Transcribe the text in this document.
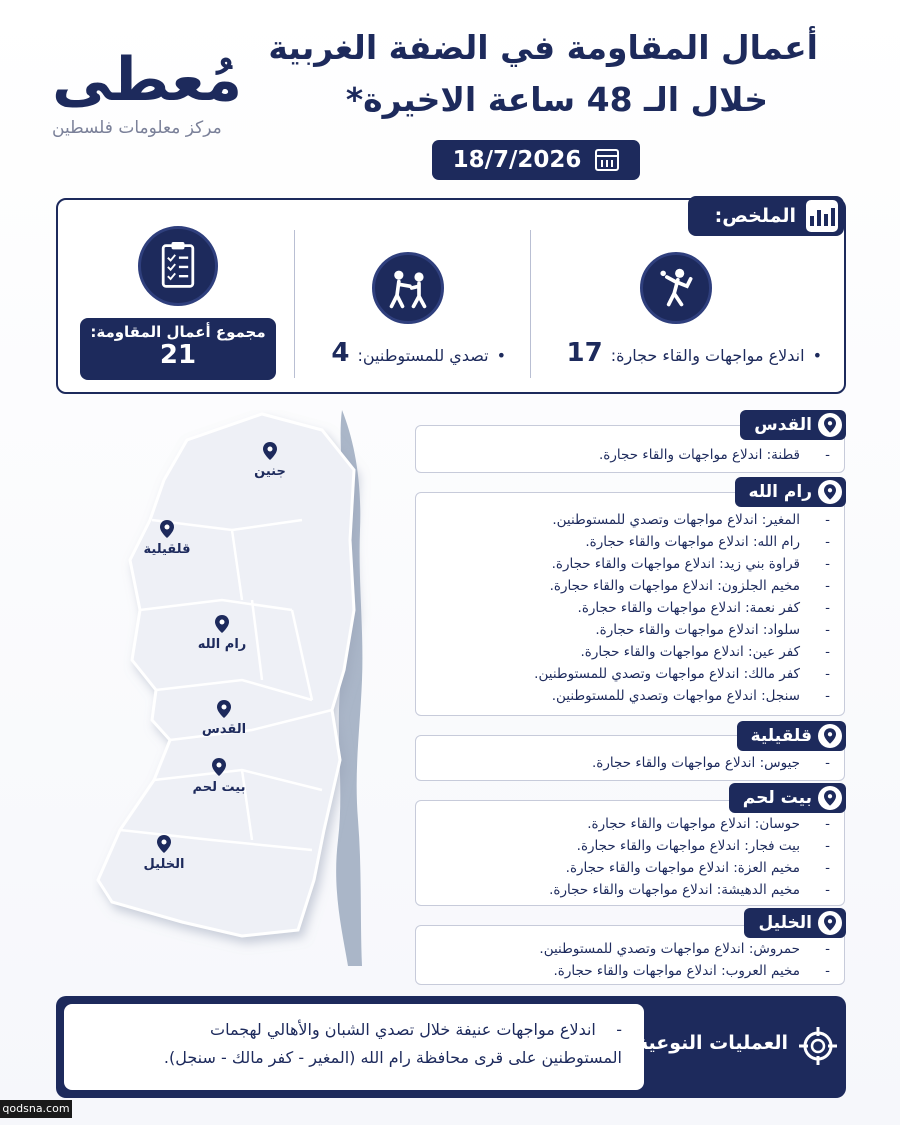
أعمال المقاومة في الضفة الغربية
خلال الـ 48 ساعة الاخيرة*
مُعطى
مركز معلومات فلسطين
18/7/2026
الملخص:
•
اندلاع مواجهات والقاء حجارة:
17
•
تصدي للمستوطنين:
4
مجموع أعمال المقاومة:
21
جنين
قلقيلية
رام الله
القدس
بيت لحم
الخليل
-
قطنة: اندلاع مواجهات والقاء حجارة.
القدس
-
المغير: اندلاع مواجهات وتصدي للمستوطنين.
-
رام الله: اندلاع مواجهات والقاء حجارة.
-
قراوة بني زيد: اندلاع مواجهات والقاء حجارة.
-
مخيم الجلزون: اندلاع مواجهات والقاء حجارة.
-
كفر نعمة: اندلاع مواجهات والقاء حجارة.
-
سلواد: اندلاع مواجهات والقاء حجارة.
-
كفر عين: اندلاع مواجهات والقاء حجارة.
-
كفر مالك: اندلاع مواجهات وتصدي للمستوطنين.
-
سنجل: اندلاع مواجهات وتصدي للمستوطنين.
رام الله
-
جيوس: اندلاع مواجهات والقاء حجارة.
قلقيلية
-
حوسان: اندلاع مواجهات والقاء حجارة.
-
بيت فجار: اندلاع مواجهات والقاء حجارة.
-
مخيم العزة: اندلاع مواجهات والقاء حجارة.
-
مخيم الدهيشة: اندلاع مواجهات والقاء حجارة.
بيت لحم
-
حمروش: اندلاع مواجهات وتصدي للمستوطنين.
-
مخيم العروب: اندلاع مواجهات والقاء حجارة.
الخليل
-    اندلاع مواجهات عنيفة خلال تصدي الشبان والأهالي لهجمات
المستوطنين على قرى محافظة رام الله (المغير - كفر مالك - سنجل).
العمليات النوعية:
qodsna.com
